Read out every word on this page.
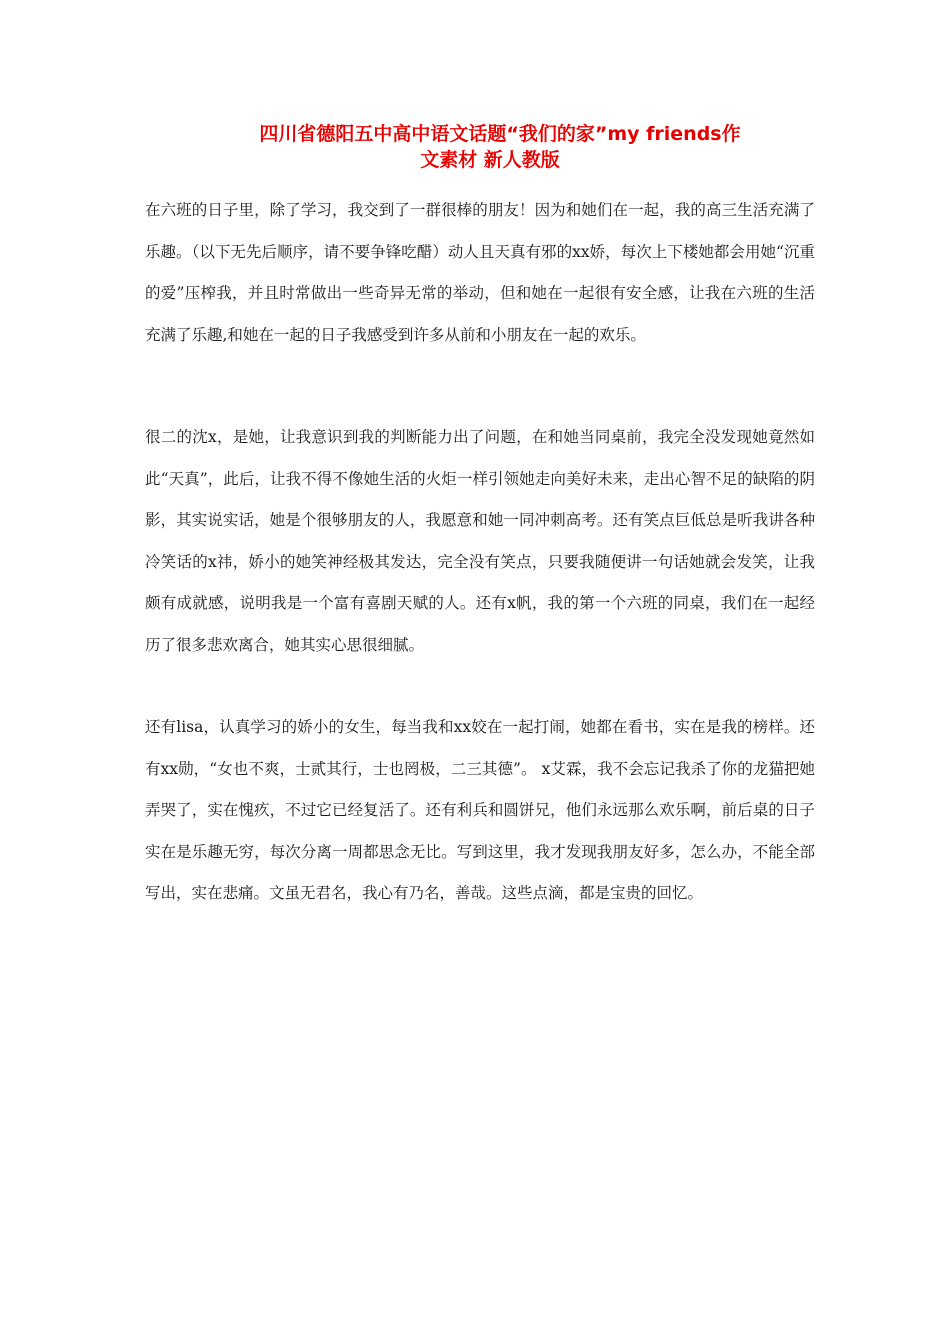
四川省德阳五中高中语文话题“我们的家”my friends作
文素材 新人教版

在六班的日子里，除了学习，我交到了一群很棒的朋友！因为和她们在一起，我的高三生活充满了乐趣。（以下无先后顺序，请不要争锋吃醋）动人且天真有邪的xx娇，每次上下楼她都会用她“沉重的爱”压榨我，并且时常做出一些奇异无常的举动，但和她在一起很有安全感，让我在六班的生活充满了乐趣,和她在一起的日子我感受到许多从前和小朋友在一起的欢乐。

很二的沈x，是她，让我意识到我的判断能力出了问题，在和她当同桌前，我完全没发现她竟然如此“天真”，此后，让我不得不像她生活的火炬一样引领她走向美好未来，走出心智不足的缺陷的阴影，其实说实话，她是个很够朋友的人，我愿意和她一同冲刺高考。还有笑点巨低总是听我讲各种冷笑话的x祎，娇小的她笑神经极其发达，完全没有笑点，只要我随便讲一句话她就会发笑，让我颇有成就感，说明我是一个富有喜剧天赋的人。还有x帆，我的第一个六班的同桌，我们在一起经历了很多悲欢离合，她其实心思很细腻。

还有lisa，认真学习的娇小的女生，每当我和xx姣在一起打闹，她都在看书，实在是我的榜样。还有xx勋，“女也不爽，士贰其行，士也罔极，二三其德”。 x艾霖，我不会忘记我杀了你的龙猫把她弄哭了，实在愧疚，不过它已经复活了。还有利兵和圆饼兄，他们永远那么欢乐啊，前后桌的日子实在是乐趣无穷，每次分离一周都思念无比。写到这里，我才发现我朋友好多，怎么办，不能全部写出，实在悲痛。文虽无君名，我心有乃名，善哉。这些点滴，都是宝贵的回忆。
